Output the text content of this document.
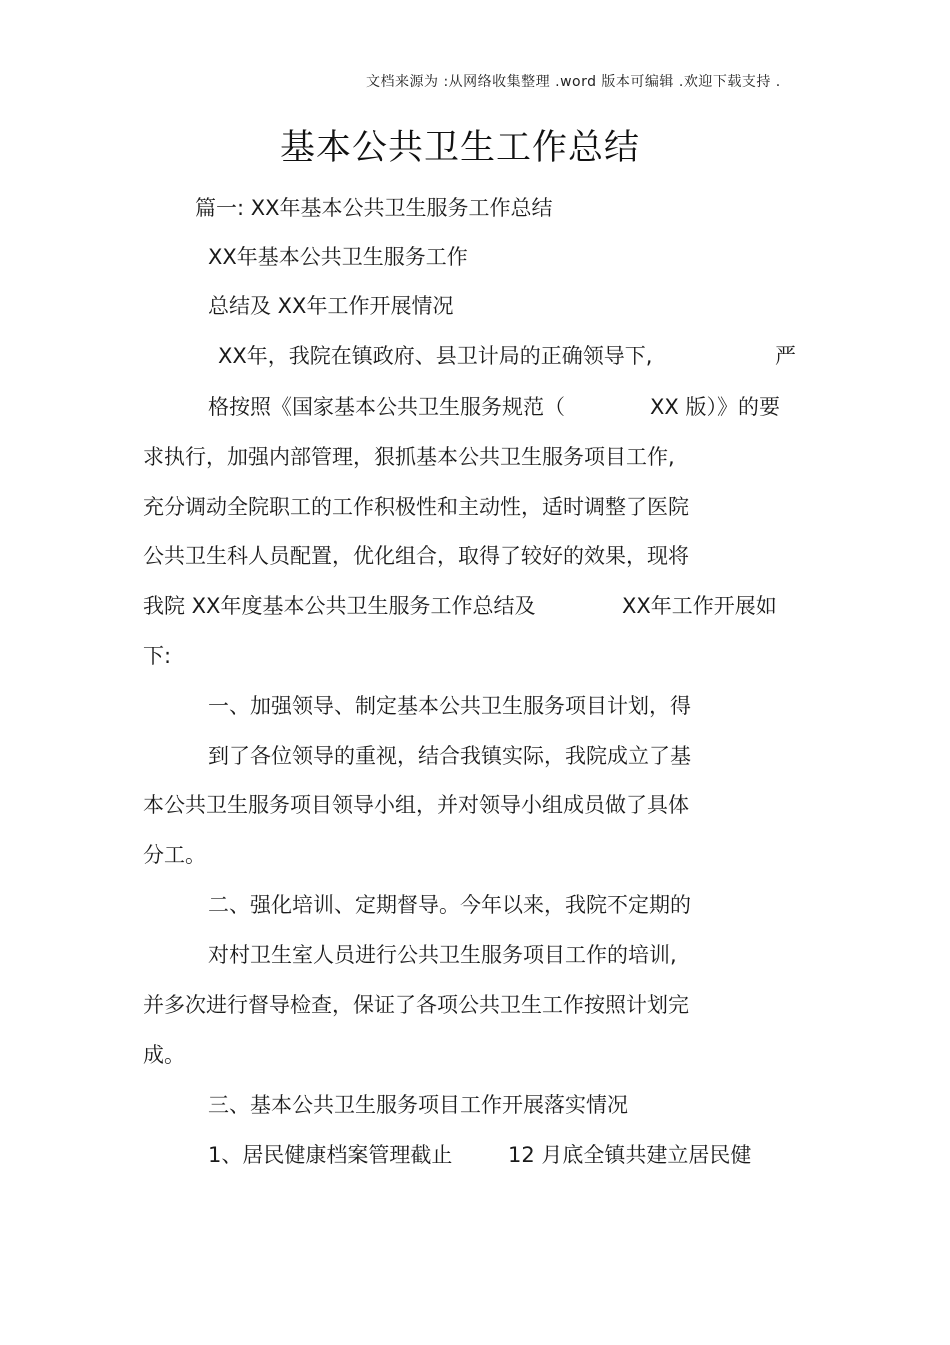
文档来源为 :从网络收集整理 .word 版本可编辑 .欢迎下载支持 .
基本公共卫生工作总结
篇一: XX年基本公共卫生服务工作总结
XX年基本公共卫生服务工作
总结及 XX年工作开展情况
XX年，我院在镇政府、县卫计局的正确领导下,	严
格按照《国家基本公共卫生服务规范（	XX 版）》的要
求执行，加强内部管理，狠抓基本公共卫生服务项目工作,
充分调动全院职工的工作积极性和主动性，适时调整了医院
公共卫生科人员配置，优化组合，取得了较好的效果，现将
我院 XX年度基本公共卫生服务工作总结及	XX年工作开展如
下:
一、加强领导、制定基本公共卫生服务项目计划，得
到了各位领导的重视，结合我镇实际，我院成立了基
本公共卫生服务项目领导小组，并对领导小组成员做了具体
分工。
二、强化培训、定期督导。今年以来，我院不定期的
对村卫生室人员进行公共卫生服务项目工作的培训,
并多次进行督导检查，保证了各项公共卫生工作按照计划完
成。
三、基本公共卫生服务项目工作开展落实情况
1、居民健康档案管理截止	12 月底全镇共建立居民健
